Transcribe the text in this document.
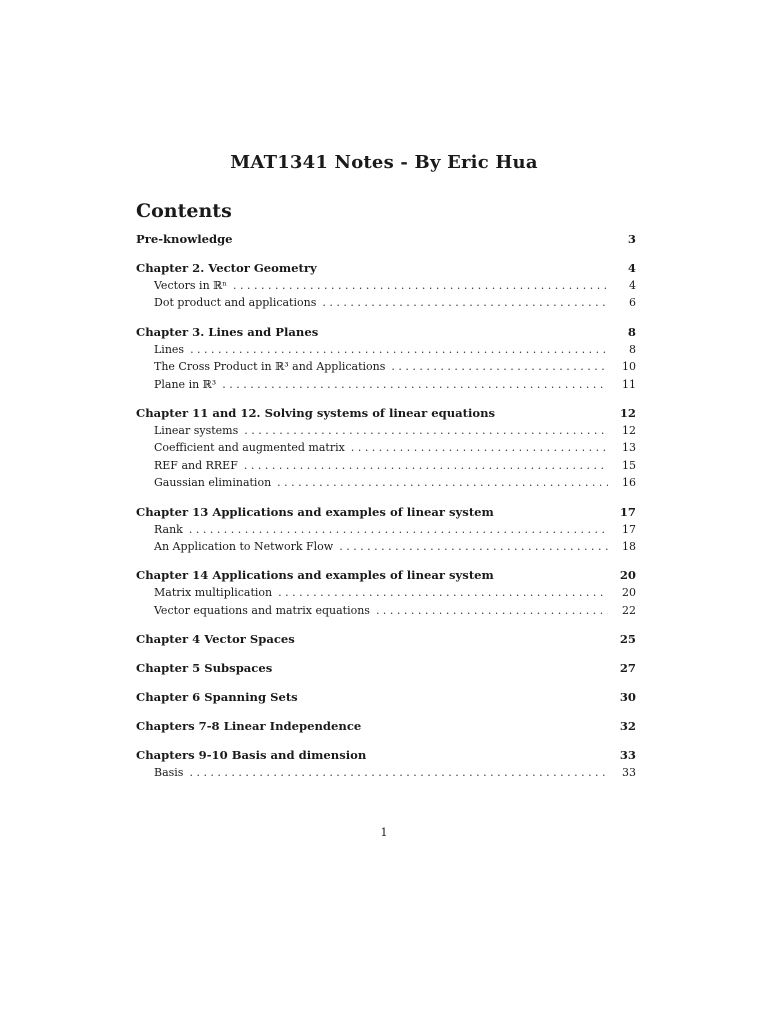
MAT1341 Notes - By Eric Hua
Contents
Pre-knowledge	3
Chapter 2. Vector Geometry	4
Vectors in ℝⁿ . . .	4
Dot product and applications . . .	6
Chapter 3. Lines and Planes	8
Lines . . .	8
The Cross Product in ℝ³ and Applications . . .	10
Plane in ℝ³ . . .	11
Chapter 11 and 12. Solving systems of linear equations	12
Linear systems . . .	12
Coefficient and augmented matrix . . .	13
REF and RREF . . .	15
Gaussian elimination . . .	16
Chapter 13 Applications and examples of linear system	17
Rank . . .	17
An Application to Network Flow . . .	18
Chapter 14 Applications and examples of linear system	20
Matrix multiplication . . .	20
Vector equations and matrix equations . . .	22
Chapter 4 Vector Spaces	25
Chapter 5 Subspaces	27
Chapter 6 Spanning Sets	30
Chapters 7-8 Linear Independence	32
Chapters 9-10 Basis and dimension	33
Basis . . .	33
1
